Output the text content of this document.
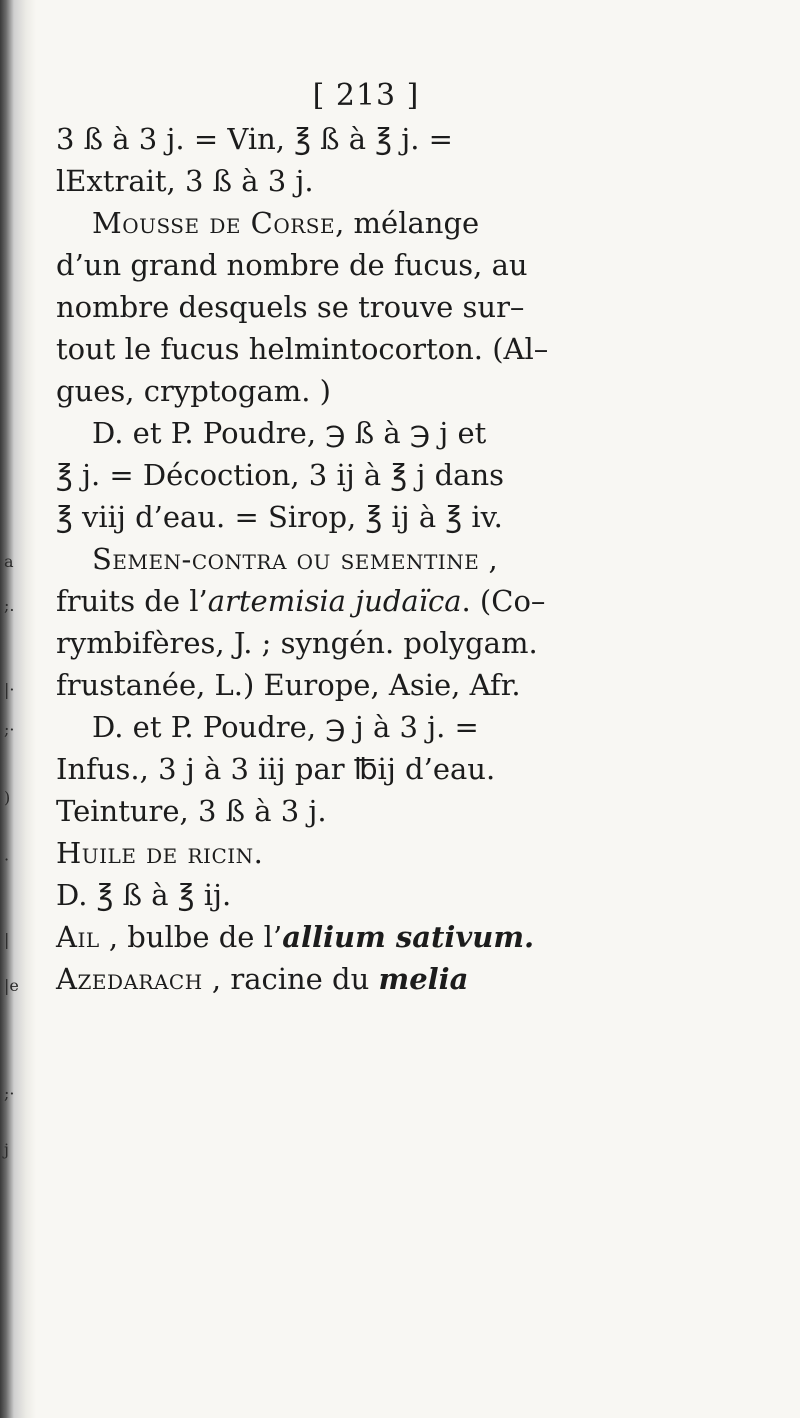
a
;.
|·
;·
)
·
|
|e
;·
j
[ 213 ]
3 ß à 3 j. = Vin, ℥ ß à ℥ j. =
lExtrait, 3 ß à 3 j.
Mousse de Corse, mélange
d’un grand nombre de fucus, au
nombre desquels se trouve sur–
tout le fucus helmintocorton. (Al–
gues, cryptogam. )
D. et P. Poudre, ℈ ß à ℈ j et
℥ j. = Décoction, 3 ij à ℥ j dans
℥ viij d’eau. = Sirop, ℥ ij à ℥ iv.
Semen-contra ou sementine ,
fruits de l’artemisia judaïca. (Co–
rymbifères, J. ; syngén. polygam.
frustanée, L.) Europe, Asie, Afr.
D. et P. Poudre, ℈ j à 3 j. =
Infus., 3 j à 3 iij par ℔ij d’eau.
Teinture, 3 ß à 3 j.
Huile de ricin.
D. ℥ ß à ℥ ij.
Ail , bulbe de l’allium sativum.
Azedarach , racine du melia
